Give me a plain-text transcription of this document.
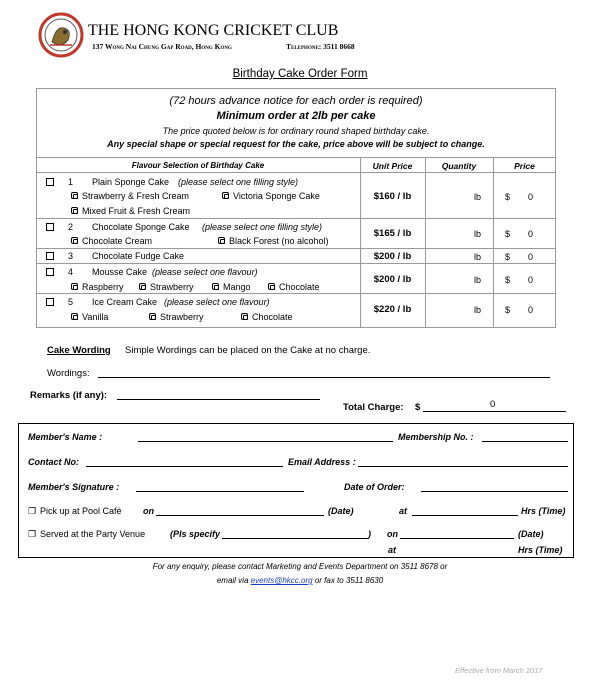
THE HONG KONG CRICKET CLUB
137 Wong Nai Chung Gap Road, Hong Kong	Telephone: 3511 8668
Birthday Cake Order Form
(72 hours advance notice for each order is required)
Minimum order at 2lb per cake
The price quoted below is for ordinary round shaped birthday cake.
Any special shape or special request for the cake, price above will be subject to change.
Flavour Selection of Birthday Cake	Unit Price	Quantity	Price
1 Plain Sponge Cake (please select one filling style)
Strawberry & Fresh Cream	Victoria Sponge Cake
Mixed Fruit & Fresh Cream
$160 / lb	lb	$ 0
2 Chocolate Sponge Cake (please select one filling style)
Chocolate Cream	Black Forest (no alcohol)
$165 / lb	lb	$ 0
3 Chocolate Fudge Cake	$200 / lb	lb	$ 0
4 Mousse Cake (please select one flavour)
Raspberry	Strawberry	Mango	Chocolate
$200 / lb	lb	$ 0
5 Ice Cream Cake (please select one flavour)
Vanilla	Strawberry	Chocolate
$220 / lb	lb	$ 0
Cake Wording Simple Wordings can be placed on the Cake at no charge.
Wordings:
Remarks (if any):
Total Charge: $	0
Member's Name :	Membership No. :
Contact No:	Email Address :
Member's Signature :	Date of Order:
❐ Pick up at Pool Café on	(Date)	at	Hrs (Time)
❐ Served at the Party Venue	(Pls specify	) on	(Date)
at	Hrs (Time)
For any enquiry, please contact Marketing and Events Department on 3511 8678 or
email via events@hkcc.org or fax to 3511 8630
Effective from March 2017
